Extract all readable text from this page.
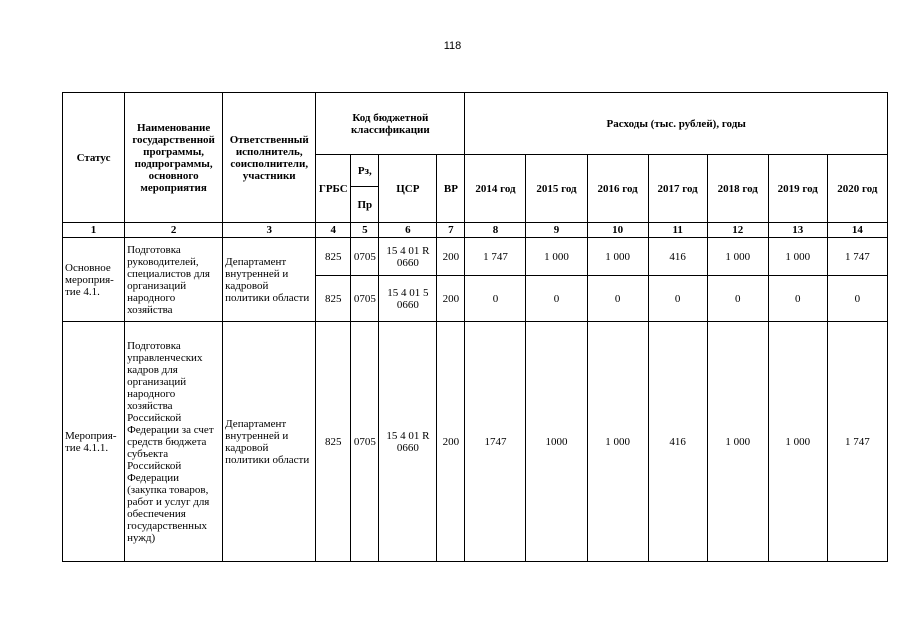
118
Статус	Наименование государственной программы, подпрограммы, основного мероприятия	Ответственный исполнитель, соисполнители, участники	Код бюджетной классификации				Расходы (тыс. рублей), годы						
			ГРБС	Рз,	ЦСР	ВР	2014 год	2015 год	2016 год	2017 год	2018 год	2019 год	2020 год
				Пр									
1	2	3	4	5	6	7	8	9	10	11	12	13	14
Основное мероприя-тие 4.1.	Подготовка руководителей, специалистов для организаций народного хозяйства	Департамент внутренней и кадровой политики области	825	0705	15 4 01 R 0660	200	1 747	1 000	1 000	416	1 000	1 000	1 747
			825	0705	15 4 01 5 0660	200	0	0	0	0	0	0	0
Мероприя-тие 4.1.1.	Подготовка управленческих кадров для организаций народного хозяйства Российской Федерации за счет средств бюджета субъекта Российской Федерации (закупка товаров, работ и услуг для обеспечения государственных нужд)	Департамент внутренней и кадровой политики области	825	0705	15 4 01 R 0660	200	1747	1000	1 000	416	1 000	1 000	1 747
